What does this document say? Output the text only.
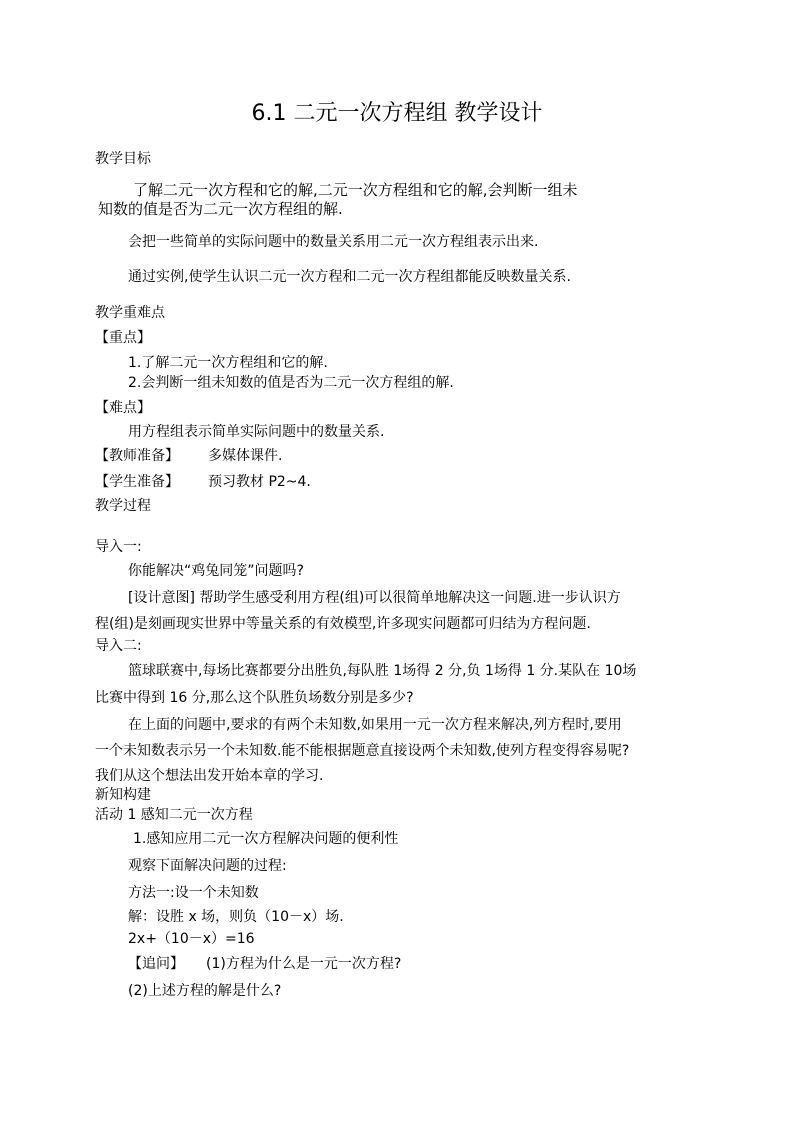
6.1 二元一次方程组 教学设计
教学目标
了解二元一次方程和它的解,二元一次方程组和它的解,会判断一组未
知数的值是否为二元一次方程组的解.
会把一些简单的实际问题中的数量关系用二元一次方程组表示出来.
通过实例,使学生认识二元一次方程和二元一次方程组都能反映数量关系.
教学重难点
【重点】
1.了解二元一次方程组和它的解.
2.会判断一组未知数的值是否为二元一次方程组的解.
【难点】
用方程组表示简单实际问题中的数量关系.
【教师准备】 多媒体课件.
【学生准备】 预习教材 P2~4.
教学过程
导入一:
你能解决“鸡兔同笼”问题吗?
[设计意图] 帮助学生感受利用方程(组)可以很简单地解决这一问题.进一步认识方
程(组)是刻画现实世界中等量关系的有效模型,许多现实问题都可归结为方程问题.
导入二:
篮球联赛中,每场比赛都要分出胜负,每队胜 1场得 2 分,负 1场得 1 分.某队在 10场
比赛中得到 16 分,那么这个队胜负场数分别是多少?
在上面的问题中,要求的有两个未知数,如果用一元一次方程来解决,列方程时,要用
一个未知数表示另一个未知数.能不能根据题意直接设两个未知数,使列方程变得容易呢?
我们从这个想法出发开始本章的学习.
新知构建
活动 1 感知二元一次方程
1.感知应用二元一次方程解决问题的便利性
观察下面解决问题的过程:
方法一:设一个未知数
解：设胜 x 场，则负（10－x）场.
2x+（10－x）=16
【追问】 (1)方程为什么是一元一次方程?
(2)上述方程的解是什么?
